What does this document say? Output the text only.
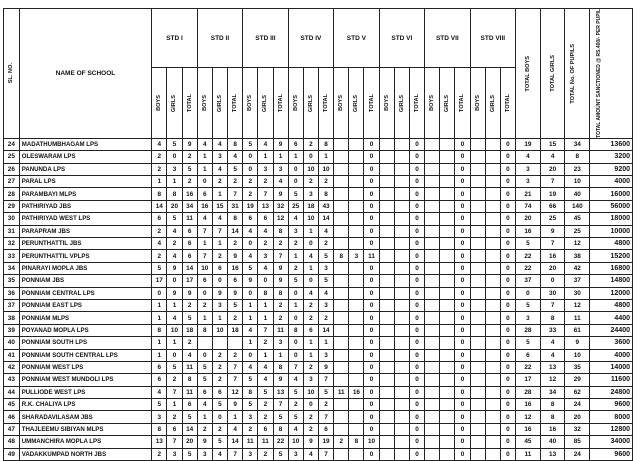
SL. NO.	NAME OF SCHOOL	STD I			STD II			STD III			STD IV			STD V			STD VI			STD VII			STD VIII			TOTAL BOYS	TOTAL GIRLS	TOTAL No. OF PUPILS	TOTAL AMOUNT SANCTIONED @ RS.400/- PER PUPIL

		BOYS	GIRLS	TOTAL	BOYS	GIRLS	TOTAL	BOYS	GIRLS	TOTAL	BOYS	GIRLS	TOTAL	BOYS	GIRLS	TOTAL	BOYS	GIRLS	TOTAL	BOYS	GIRLS	TOTAL	BOYS	GIRLS	TOTAL				

24	MADATHUMBHAGAM LPS	4	5	9	4	4	8	5	4	9	6	2	8			0			0			0			0	19	15	34	13600
25	OLESWARAM LPS	2	0	2	1	3	4	0	1	1	1	0	1			0			0			0			0	4	4	8	3200
26	PANUNDA LPS	2	3	5	1	4	5	0	3	3	0	10	10			0			0			0			0	3	20	23	9200
27	PARAL LPS	1	1	2	0	2	2	2	2	4	0	2	2			0			0			0			0	3	7	10	4000
28	PARAMBAYI MLPS	8	8	16	6	1	7	2	7	9	5	3	8			0			0			0			0	21	19	40	16000
29	PATHIRIYAD JBS	14	20	34	16	15	31	19	13	32	25	18	43			0			0			0			0	74	66	140	56000
30	PATHIRIYAD WEST LPS	6	5	11	4	4	8	6	6	12	4	10	14			0			0			0			0	20	25	45	18000
31	PARAPRAM JBS	2	4	6	7	7	14	4	4	8	3	1	4			0			0			0			0	16	9	25	10000
32	PERUNTHATTIL JBS	4	2	6	1	1	2	0	2	2	2	0	2			0			0			0			0	5	7	12	4800
33	PERUNTHATTIL VPLPS	2	4	6	7	2	9	4	3	7	1	4	5	8	3	11			0			0			0	22	16	38	15200
34	PINARAYI MOPLA JBS	5	9	14	10	6	16	5	4	9	2	1	3			0			0			0			0	22	20	42	16800
35	PONNIAM JBS	17	0	17	6	0	6	9	0	9	5	0	5			0			0			0			0	37	0	37	14800
36	PONNIAM CENTRAL LPS	0	9	9	0	9	9	0	8	8	0	4	4			0			0			0			0	0	30	30	12000
37	PONNIAM EAST LPS	1	1	2	2	3	5	1	1	2	1	2	3			0			0			0			0	5	7	12	4800
38	PONNIAM MLPS	1	4	5	1	1	2	1	1	2	0	2	2			0			0			0			0	3	8	11	4400
39	POYANAD MOPLA LPS	8	10	18	8	10	18	4	7	11	8	6	14			0			0			0			0	28	33	61	24400
40	PONNIAM SOUTH LPS	1	1	2				1	2	3	0	1	1			0			0			0			0	5	4	9	3600
41	PONNIAM SOUTH CENTRAL LPS	1	0	4	0	2	2	0	1	1	0	1	3			0			0			0			0	6	4	10	4000
42	PONNIAM WEST LPS	6	5	11	5	2	7	4	4	8	7	2	9			0			0			0			0	22	13	35	14000
43	PONNIAM WEST MUNDOLI LPS	6	2	8	5	2	7	5	4	9	4	3	7			0			0			0			0	17	12	29	11600
44	PULLIODE WEST LPS	4	7	11	6	6	12	8	5	13	5	10	5	11	16	0			0			0			0	28	34	62	24800
45	R.K. CHALIYA LPS	5	1	6	4	5	9	5	2	7	2	0	2			0			0			0			0	16	8	24	9600
46	SHARADAVILASAM JBS	3	2	5	1	0	1	3	2	5	5	2	7			0			0			0			0	12	8	20	8000
47	THAJLEEMU SIBIYAN MLPS	8	6	14	2	2	4	2	6	8	4	2	6			0			0			0			0	16	16	32	12800
48	UMMANCHIRA MOPLA LPS	13	7	20	9	5	14	11	11	22	10	9	19	2	8	10			0			0			0	45	40	85	34000
49	VADAKKUMPAD NORTH JBS	2	3	5	3	4	7	3	2	5	3	4	7			0			0			0			0	11	13	24	9600
